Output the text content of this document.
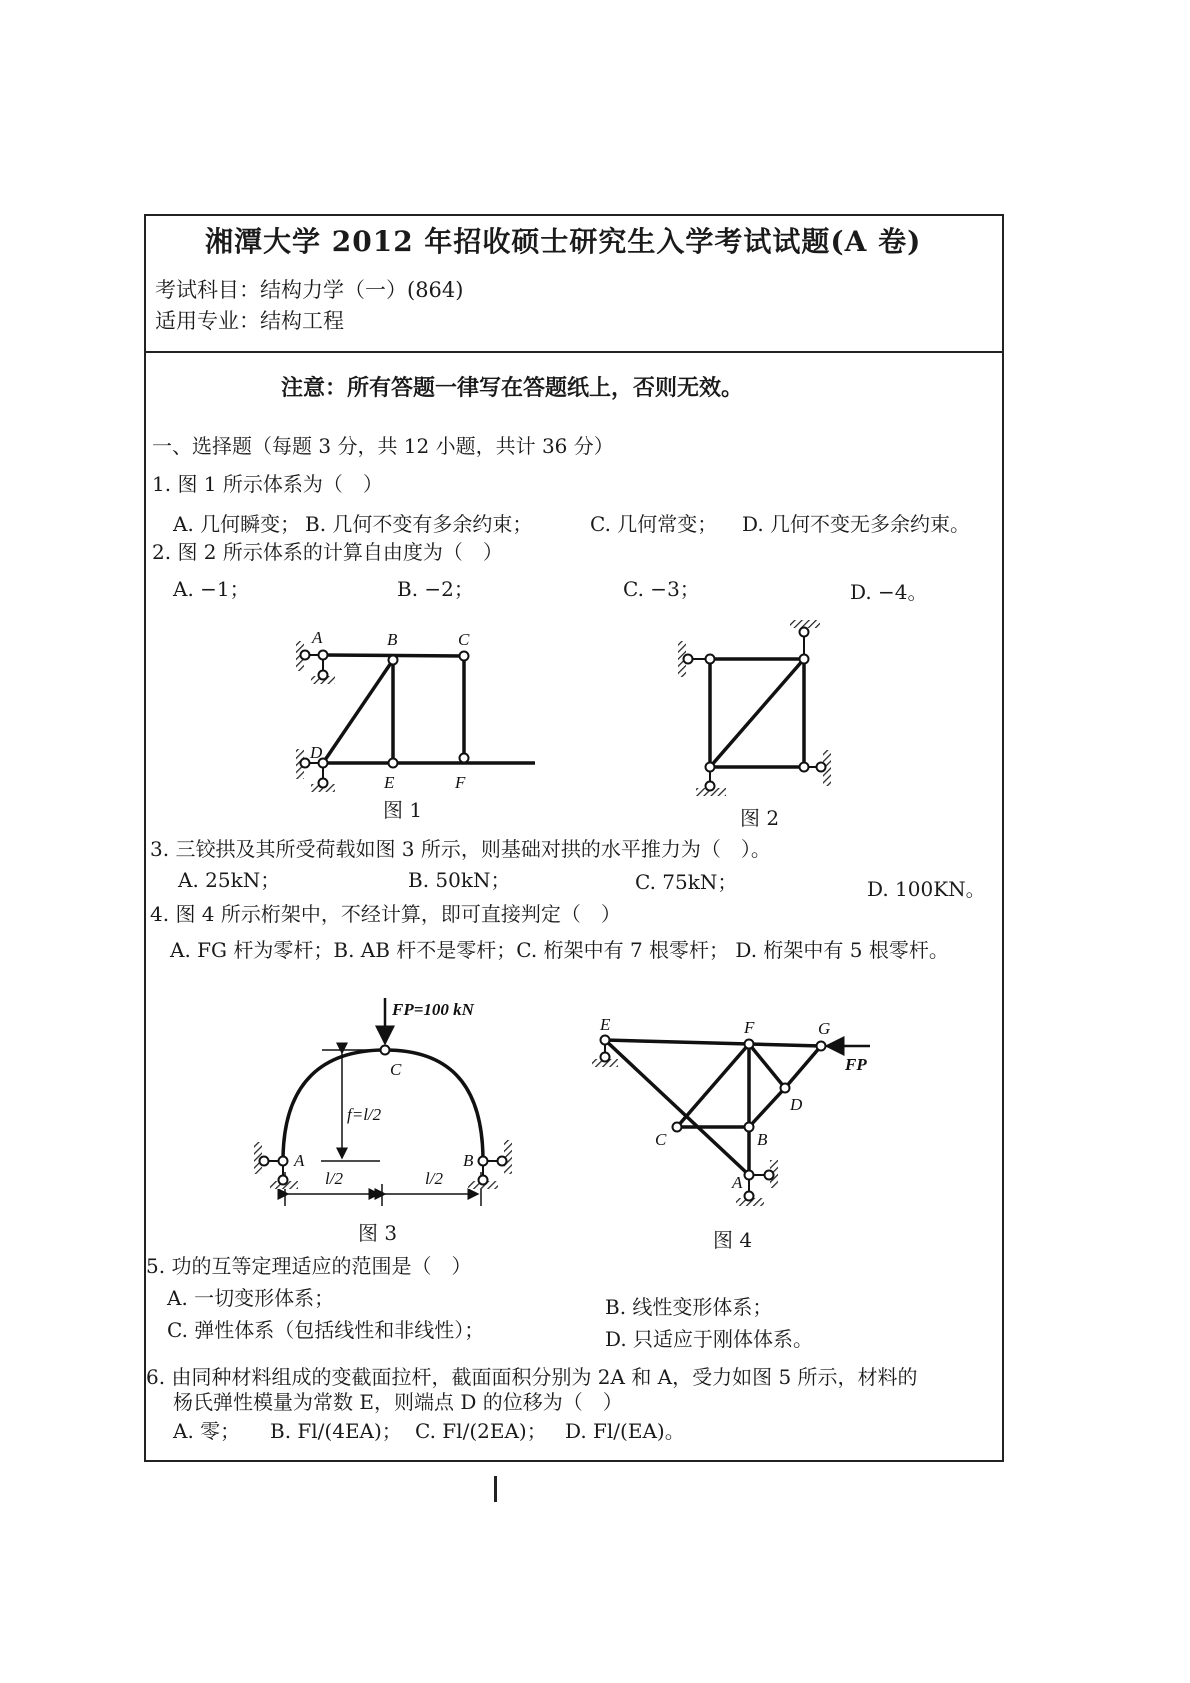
湘潭大学 2012 年招收硕士研究生入学考试试题(A 卷)
考试科目：结构力学（一）(864)
适用专业：结构工程
注意：所有答题一律写在答题纸上，否则无效。
一、选择题（每题 3 分，共 12 小题，共计 36 分）
1. 图 1 所示体系为（　）
A. 几何瞬变； B. 几何不变有多余约束；	C. 几何常变； D. 几何不变无多余约束。
2. 图 2 所示体系的计算自由度为（　）
A. −1；	B. −2；	C. −3；	D. −4。
图 1	图 2
3. 三铰拱及其所受荷载如图 3 所示，则基础对拱的水平推力为（　）。
A. 25kN；	B. 50kN；	C. 75kN；	D. 100KN。
4. 图 4 所示桁架中，不经计算，即可直接判定（　）
A. FG 杆为零杆；B. AB 杆不是零杆；C. 桁架中有 7 根零杆； D. 桁架中有 5 根零杆。
图 3	图 4
5. 功的互等定理适应的范围是（　）
A. 一切变形体系；	B. 线性变形体系；
C. 弹性体系（包括线性和非线性）；	D. 只适应于刚体体系。
6. 由同种材料组成的变截面拉杆，截面面积分别为 2A 和 A，受力如图 5 所示，材料的
杨氏弹性模量为常数 E，则端点 D 的位移为（　）
A. 零； B. Fl/(4EA)； C. Fl/(2EA)； D. Fl/(EA)。
A	B	C
D
E	F
FP=100 kN
C
f=l/2
A	B
l/2	l/2
E	F	G
FP
D
C	B
A
